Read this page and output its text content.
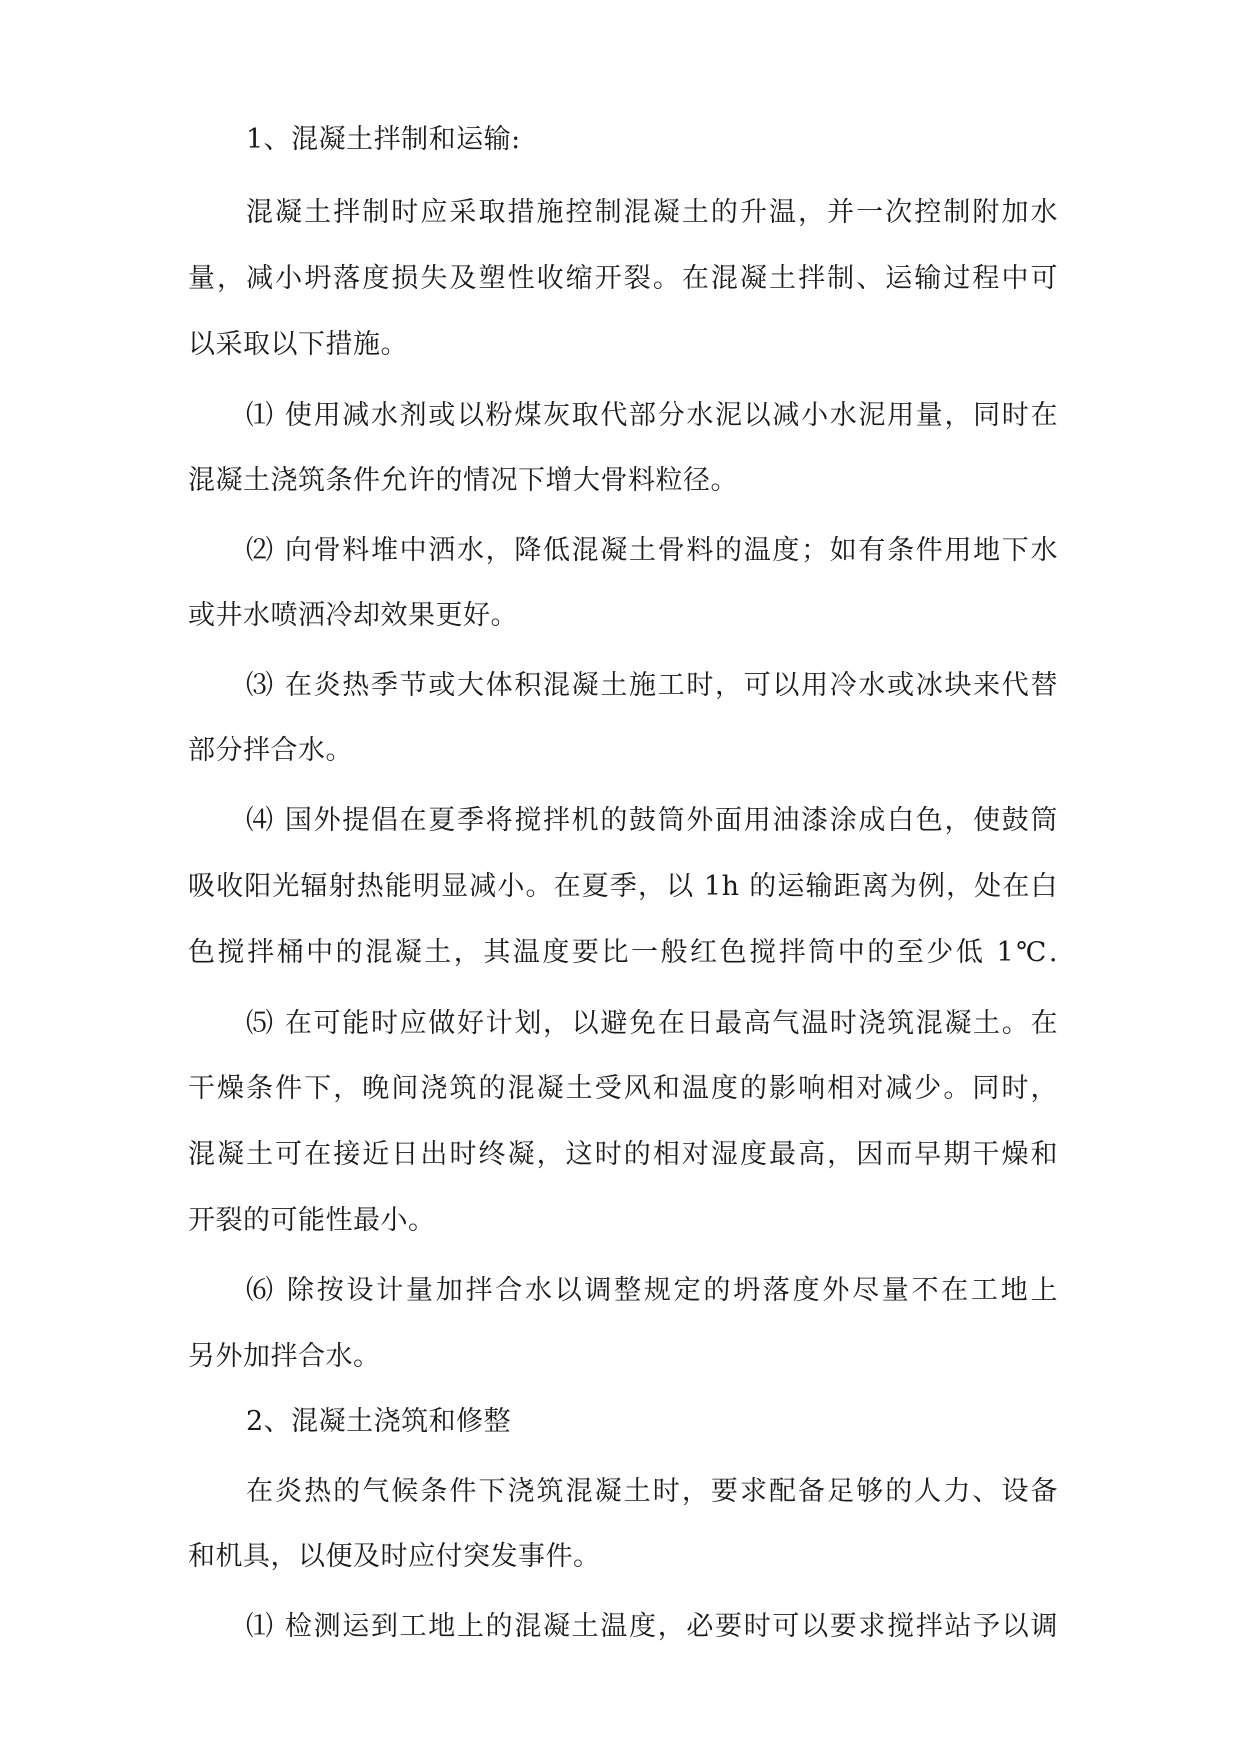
1、混凝土拌制和运输:
混凝土拌制时应采取措施控制混凝土的升温，并一次控制附加水
量，减小坍落度损失及塑性收缩开裂。在混凝土拌制、运输过程中可
以采取以下措施。
⑴ 使用减水剂或以粉煤灰取代部分水泥以减小水泥用量，同时在
混凝土浇筑条件允许的情况下增大骨料粒径。
⑵ 向骨料堆中洒水，降低混凝土骨料的温度；如有条件用地下水
或井水喷洒冷却效果更好。
⑶ 在炎热季节或大体积混凝土施工时，可以用冷水或冰块来代替
部分拌合水。
⑷ 国外提倡在夏季将搅拌机的鼓筒外面用油漆涂成白色，使鼓筒
吸收阳光辐射热能明显减小。在夏季，以 1h 的运输距离为例，处在白
色搅拌桶中的混凝土，其温度要比一般红色搅拌筒中的至少低 1℃.
⑸ 在可能时应做好计划，以避免在日最高气温时浇筑混凝土。在
干燥条件下，晚间浇筑的混凝土受风和温度的影响相对减少。同时，
混凝土可在接近日出时终凝，这时的相对湿度最高，因而早期干燥和
开裂的可能性最小。
⑹ 除按设计量加拌合水以调整规定的坍落度外尽量不在工地上
另外加拌合水。
2、混凝土浇筑和修整
在炎热的气候条件下浇筑混凝土时，要求配备足够的人力、设备
和机具，以便及时应付突发事件。
⑴ 检测运到工地上的混凝土温度，必要时可以要求搅拌站予以调
